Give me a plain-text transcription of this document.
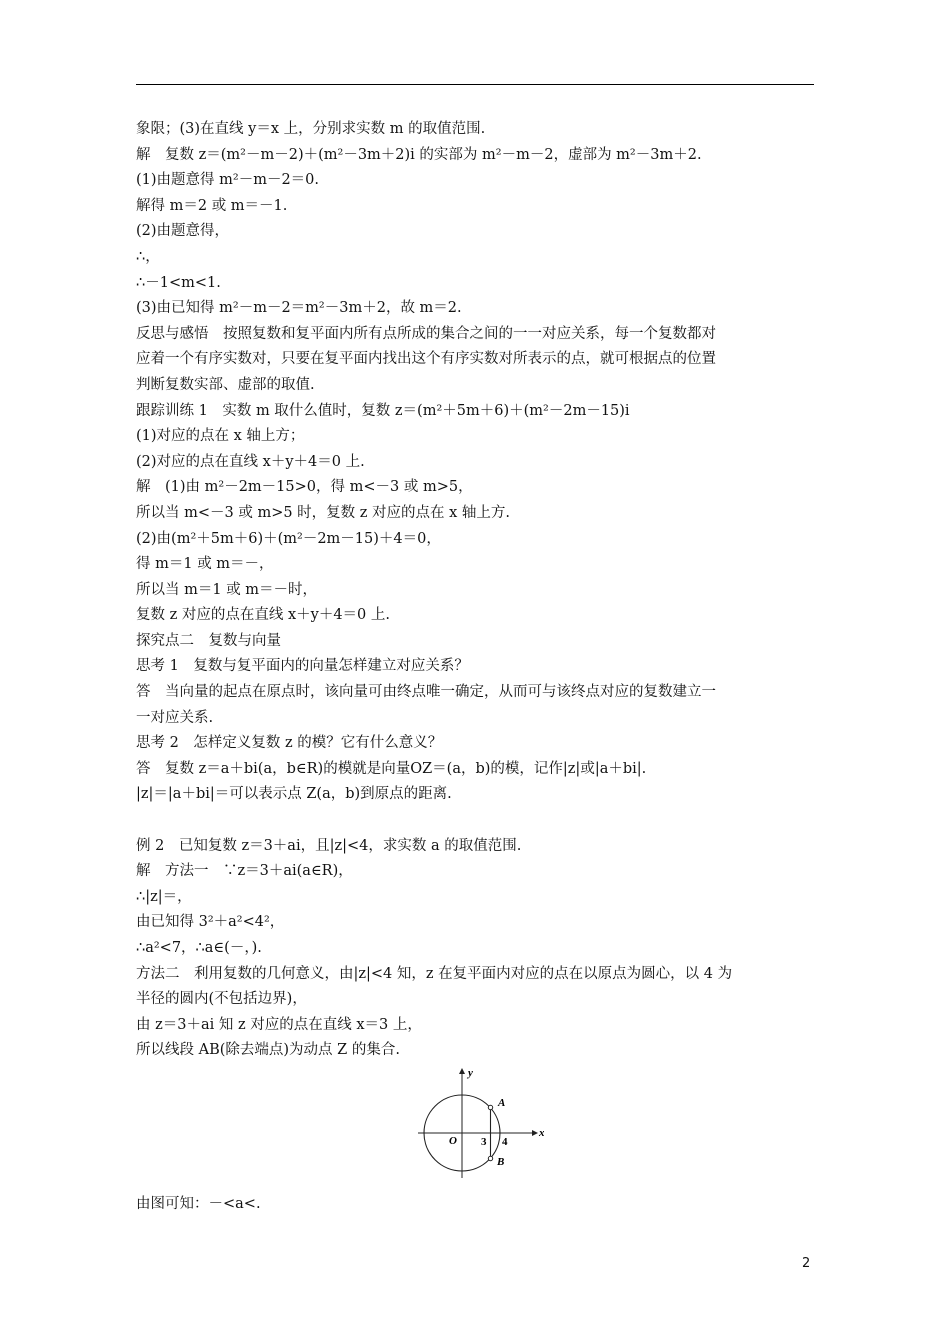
象限；(3)在直线 y＝x 上，分别求实数 m 的取值范围.
解　复数 z＝(m²－m－2)＋(m²－3m＋2)i 的实部为 m²－m－2，虚部为 m²－3m＋2.
(1)由题意得 m²－m－2＝0.
解得 m＝2 或 m＝－1.
(2)由题意得，
∴，
∴－1<m<1.
(3)由已知得 m²－m－2＝m²－3m＋2，故 m＝2.
反思与感悟　按照复数和复平面内所有点所成的集合之间的一一对应关系，每一个复数都对
应着一个有序实数对，只要在复平面内找出这个有序实数对所表示的点，就可根据点的位置
判断复数实部、虚部的取值.
跟踪训练 1　实数 m 取什么值时，复数 z＝(m²＋5m＋6)＋(m²－2m－15)i
(1)对应的点在 x 轴上方；
(2)对应的点在直线 x＋y＋4＝0 上.
解　(1)由 m²－2m－15>0，得 m<－3 或 m>5，
所以当 m<－3 或 m>5 时，复数 z 对应的点在 x 轴上方.
(2)由(m²＋5m＋6)＋(m²－2m－15)＋4＝0，
得 m＝1 或 m＝－，
所以当 m＝1 或 m＝－时，
复数 z 对应的点在直线 x＋y＋4＝0 上.
探究点二　复数与向量
思考 1　复数与复平面内的向量怎样建立对应关系？
答　当向量的起点在原点时，该向量可由终点唯一确定，从而可与该终点对应的复数建立一
一对应关系.
思考 2　怎样定义复数 z 的模？它有什么意义？
答　复数 z＝a＋bi(a，b∈R)的模就是向量OZ＝(a，b)的模，记作|z|或|a＋bi|.
|z|＝|a＋bi|＝可以表示点 Z(a，b)到原点的距离.
例 2　已知复数 z＝3＋ai，且|z|<4，求实数 a 的取值范围.
解　方法一　∵z＝3＋ai(a∈R)，
∴|z|＝，
由已知得 3²＋a²<4²，
∴a²<7，∴a∈(－，).
方法二　利用复数的几何意义，由|z|<4 知，z 在复平面内对应的点在以原点为圆心，以 4 为
半径的圆内(不包括边界)，
由 z＝3＋ai 知 z 对应的点在直线 x＝3 上，
所以线段 AB(除去端点)为动点 Z 的集合.
y
x
O 3 4
A
B
由图可知：－<a<.
2
